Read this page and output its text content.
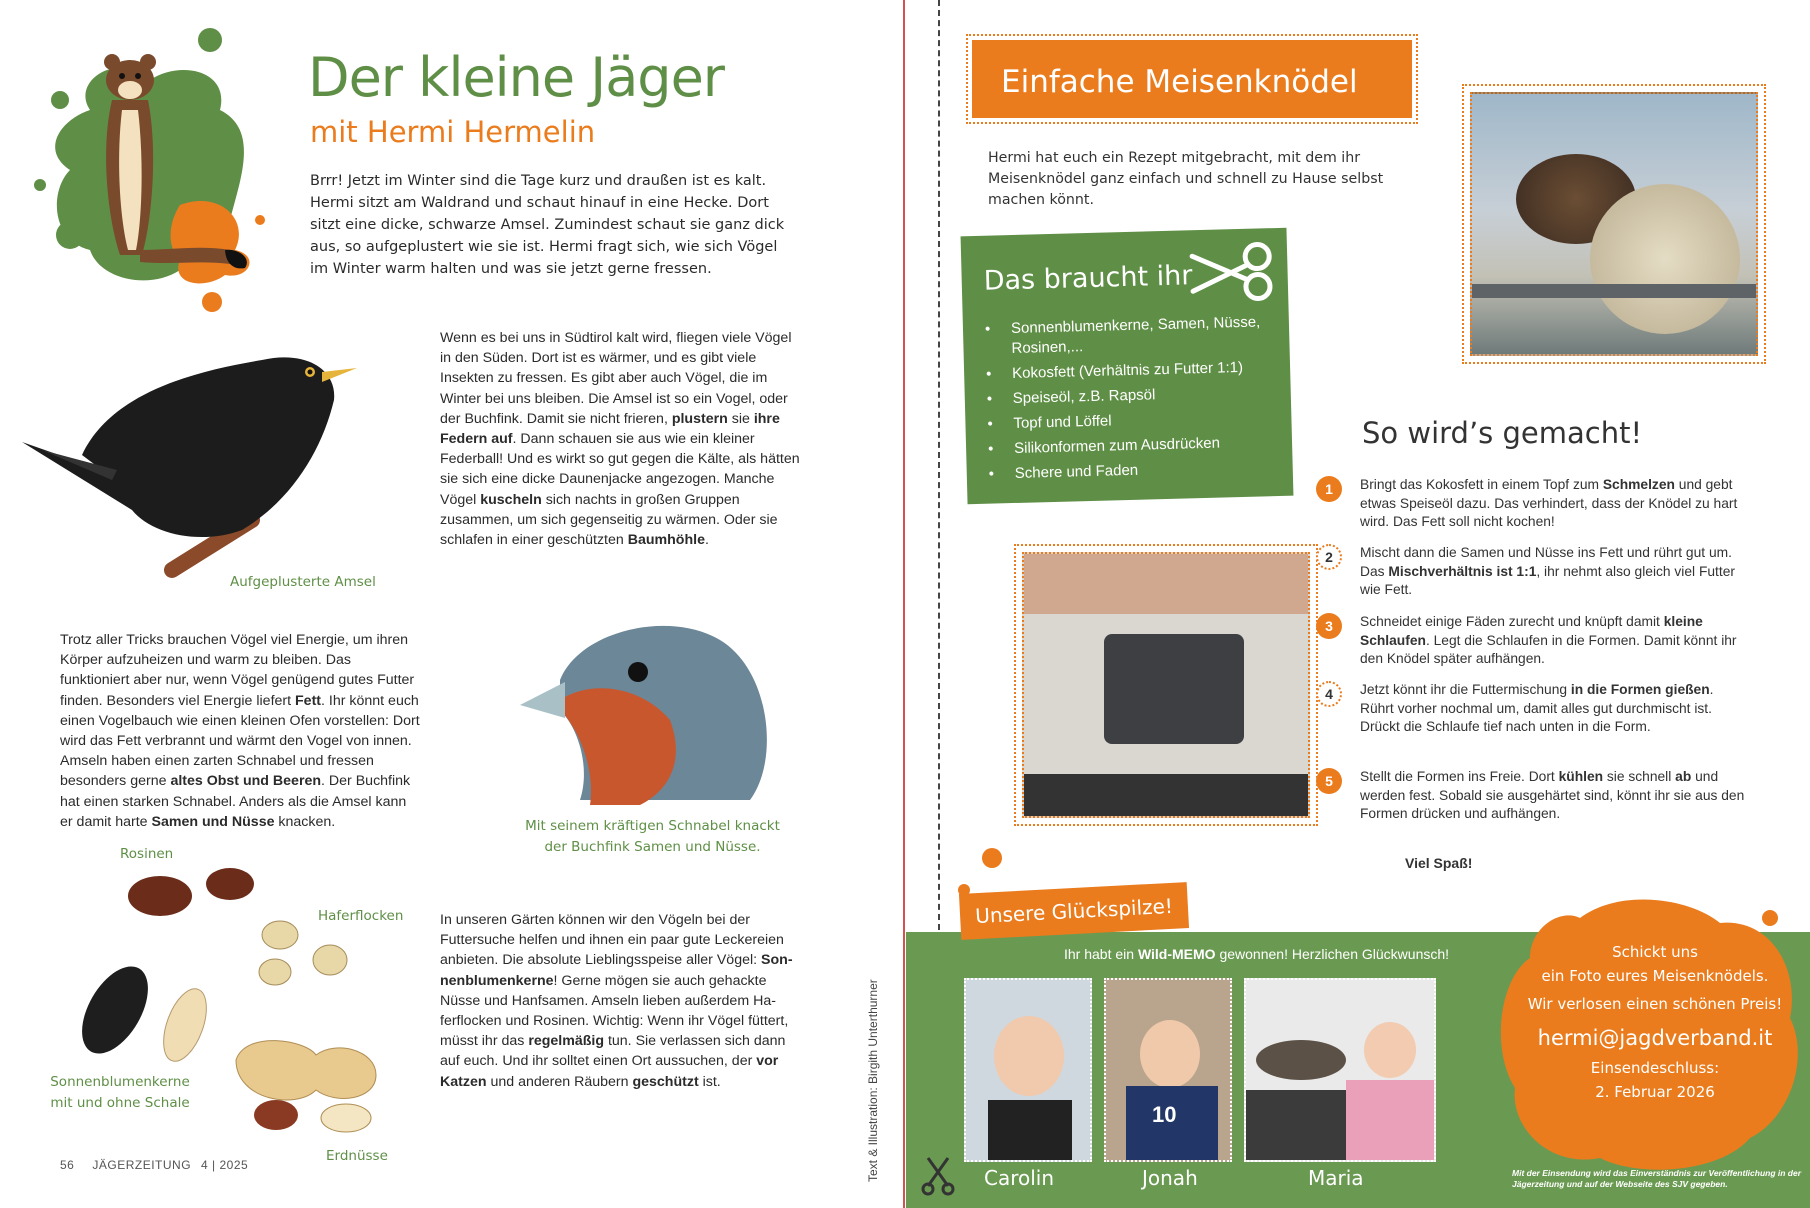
Der kleine Jäger
mit Hermi Hermelin
Brrr! Jetzt im Winter sind die Tage kurz und draußen ist es kalt. Hermi sitzt am Waldrand und schaut hinauf in eine Hecke. Dort sitzt eine dicke, schwarze Amsel. Zumindest schaut sie ganz dick aus, so aufgeplustert wie sie ist. Hermi fragt sich, wie sich Vögel im Winter warm halten und was sie jetzt gerne fressen.
Aufgeplusterte Amsel
Wenn es bei uns in Südtirol kalt wird, fliegen viele Vögel in den Süden. Dort ist es wärmer, und es gibt viele Insekten zu fressen. Es gibt aber auch Vögel, die im Winter bei uns bleiben. Die Amsel ist so ein Vogel, oder der Buchfink. Damit sie nicht frieren, plustern sie ihre Federn auf. Dann schauen sie aus wie ein kleiner Federball! Und es wirkt so gut gegen die Kälte, als hätten sie sich eine dicke Daunenjacke angezogen. Manche Vögel kuscheln sich nachts in großen Gruppen zusammen, um sich gegenseitig zu wärmen. Oder sie schlafen in einer geschützten Baumhöhle.
Trotz aller Tricks brauchen Vögel viel Energie, um ihren Körper aufzuheizen und warm zu bleiben. Das funktioniert aber nur, wenn Vögel genügend gutes Futter finden. Besonders viel Energie liefert Fett. Ihr könnt euch einen Vogelbauch wie einen kleinen Ofen vorstellen: Dort wird das Fett verbrannt und wärmt den Vogel von innen. Amseln haben einen zarten Schnabel und fressen besonders gerne altes Obst und Beeren. Der Buchfink hat einen starken Schnabel. Anders als die Amsel kann er damit harte Samen und Nüsse knacken.	Mit seinem kräftigen Schnabel knackt der Buchfink Samen und Nüsse.
Rosinen
Haferflocken
Sonnenblumenkerne mit und ohne Schale
Erdnüsse
In unseren Gärten können wir den Vögeln bei der Futtersuche helfen und ihnen ein paar gute Leckereien anbieten. Die absolute Lieblingsspeise aller Vögel: Sonnenblumenkerne! Gerne mögen sie auch gehackte Nüsse und Hanfsamen. Amseln lieben außerdem Haferflocken und Rosinen. Wichtig: Wenn ihr Vögel füttert, müsst ihr das regelmäßig tun. Sie verlassen sich dann auf euch. Und ihr solltet einen Ort aussuchen, der vor Katzen und anderen Räubern geschützt ist.
56 JÄGERZEITUNG 4 | 2025	Text & Illustration: Birgith Unterthurner
Einfache Meisenknödel
Hermi hat euch ein Rezept mitgebracht, mit dem ihr Meisenknödel ganz einfach und schnell zu Hause selbst machen könnt.
Das braucht ihr
• Sonnenblumenkerne, Samen, Nüsse, Rosinen,...
• Kokosfett (Verhältnis zu Futter 1:1)
• Speiseöl, z.B. Rapsöl
• Topf und Löffel
• Silikonformen zum Ausdrücken
• Schere und Faden
So wird’s gemacht!
1	Bringt das Kokosfett in einem Topf zum Schmelzen und gebt etwas Speiseöl dazu. Das verhindert, dass der Knödel zu hart wird. Das Fett soll nicht kochen!
2	Mischt dann die Samen und Nüsse ins Fett und rührt gut um. Das Mischverhältnis ist 1:1, ihr nehmt also gleich viel Futter wie Fett.
3	Schneidet einige Fäden zurecht und knüpft damit kleine Schlaufen. Legt die Schlaufen in die Formen. Damit könnt ihr den Knödel später aufhängen.
4	Jetzt könnt ihr die Futtermischung in die Formen gießen. Rührt vorher nochmal um, damit alles gut durchmischt ist. Drückt die Schlaufe tief nach unten in die Form.
5	Stellt die Formen ins Freie. Dort kühlen sie schnell ab und werden fest. Sobald sie ausgehärtet sind, könnt ihr sie aus den Formen drücken und aufhängen.
Viel Spaß!
Unsere Glückspilze!
Ihr habt ein Wild-MEMO gewonnen! Herzlichen Glückwunsch!
10
Carolin	Jonah	Maria
Schickt uns
ein Foto eures Meisenknödels.
Wir verlosen einen schönen Preis!
hermi@jagdverband.it
Einsendeschluss:
2. Februar 2026
Mit der Einsendung wird das Einverständnis zur Veröffentlichung in der Jägerzeitung und auf der Webseite des SJV gegeben.
